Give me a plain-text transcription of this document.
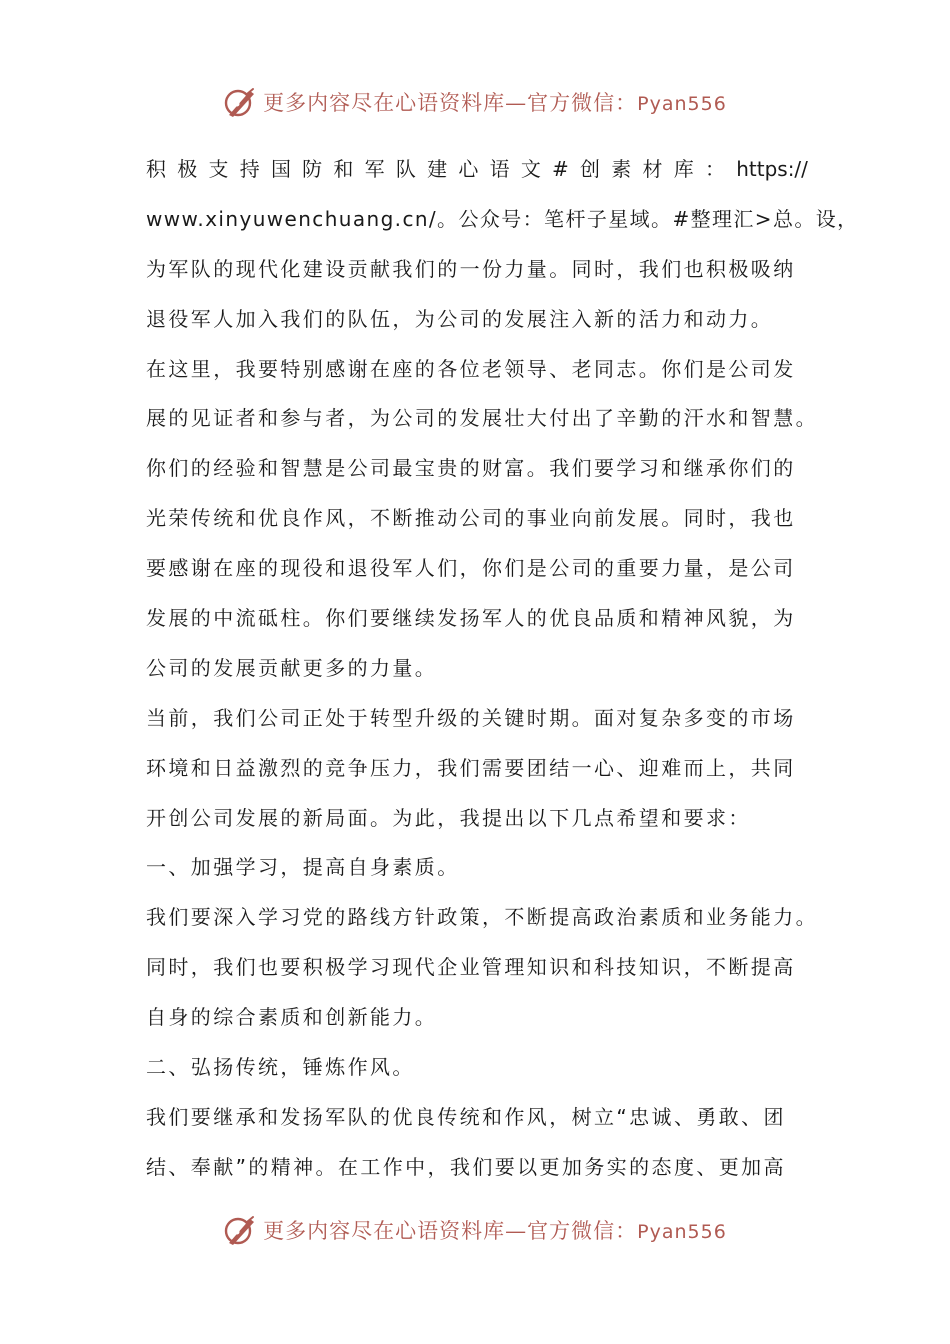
更多内容尽在心语资料库—官方微信：Pyan556
积 极 支 持 国 防 和 军 队 建 心 语 文 # 创 素 材 库 ： https://
www.xinyuwenchuang.cn/。公众号：笔杆子星域。#整理汇>总。设，
为军队的现代化建设贡献我们的一份力量。同时，我们也积极吸纳
退役军人加入我们的队伍，为公司的发展注入新的活力和动力。
在这里，我要特别感谢在座的各位老领导、老同志。你们是公司发
展的见证者和参与者，为公司的发展壮大付出了辛勤的汗水和智慧。
你们的经验和智慧是公司最宝贵的财富。我们要学习和继承你们的
光荣传统和优良作风，不断推动公司的事业向前发展。同时，我也
要感谢在座的现役和退役军人们，你们是公司的重要力量，是公司
发展的中流砥柱。你们要继续发扬军人的优良品质和精神风貌，为
公司的发展贡献更多的力量。
当前，我们公司正处于转型升级的关键时期。面对复杂多变的市场
环境和日益激烈的竞争压力，我们需要团结一心、迎难而上，共同
开创公司发展的新局面。为此，我提出以下几点希望和要求：
一、加强学习，提高自身素质。
我们要深入学习党的路线方针政策，不断提高政治素质和业务能力。
同时，我们也要积极学习现代企业管理知识和科技知识，不断提高
自身的综合素质和创新能力。
二、弘扬传统，锤炼作风。
我们要继承和发扬军队的优良传统和作风，树立“忠诚、勇敢、团
结、奉献”的精神。在工作中，我们要以更加务实的态度、更加高
更多内容尽在心语资料库—官方微信：Pyan556
